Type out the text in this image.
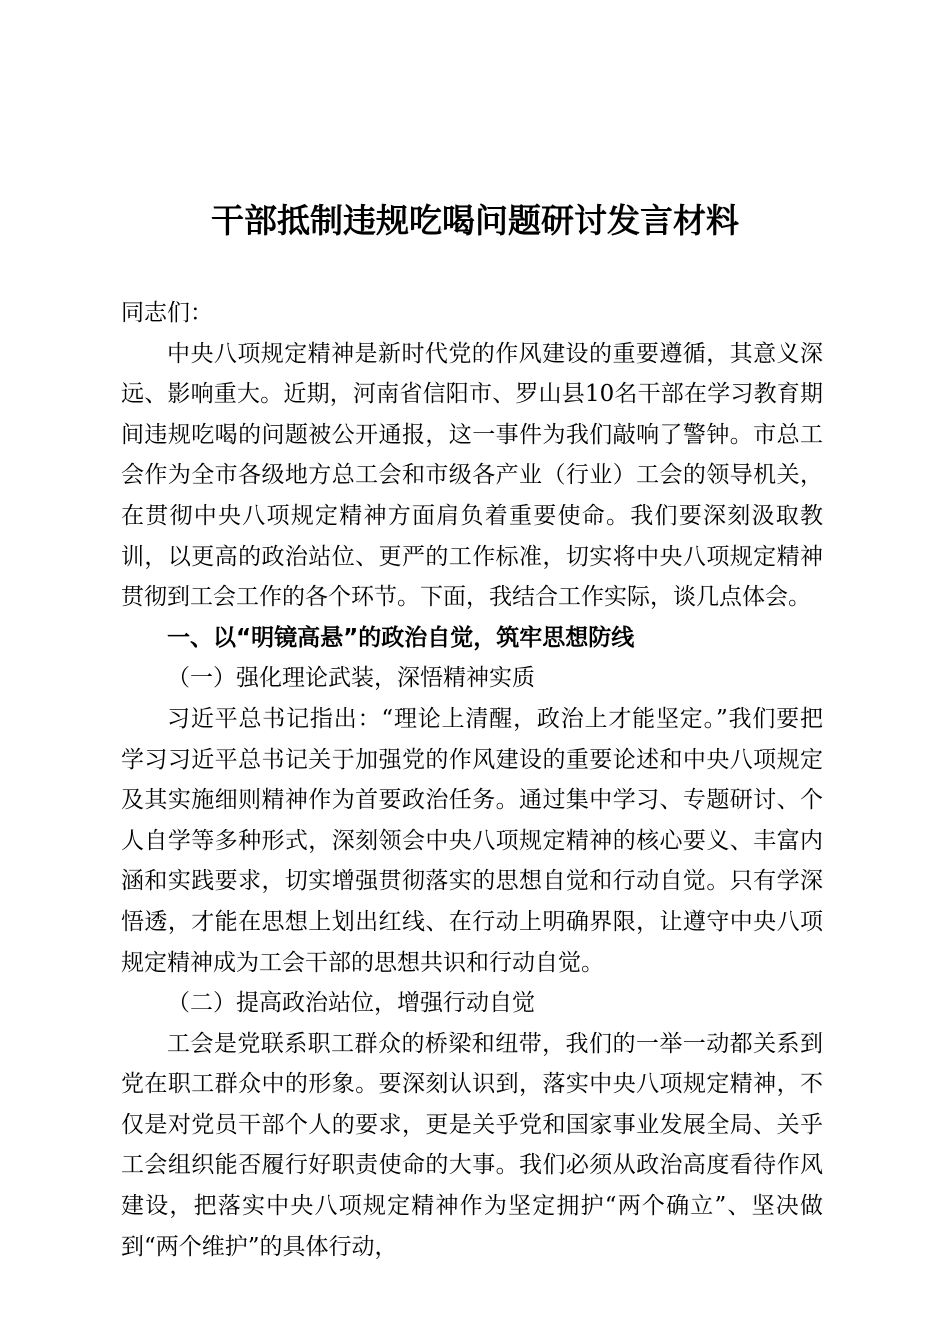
干部抵制违规吃喝问题研讨发言材料

同志们：

中央八项规定精神是新时代党的作风建设的重要遵循，其意义深远、影响重大。近期，河南省信阳市、罗山县10名干部在学习教育期间违规吃喝的问题被公开通报，这一事件为我们敲响了警钟。市总工会作为全市各级地方总工会和市级各产业（行业）工会的领导机关，在贯彻中央八项规定精神方面肩负着重要使命。我们要深刻汲取教训，以更高的政治站位、更严的工作标准，切实将中央八项规定精神贯彻到工会工作的各个环节。下面，我结合工作实际，谈几点体会。

一、以“明镜高悬”的政治自觉，筑牢思想防线

（一）强化理论武装，深悟精神实质

习近平总书记指出：“理论上清醒，政治上才能坚定。”我们要把学习习近平总书记关于加强党的作风建设的重要论述和中央八项规定及其实施细则精神作为首要政治任务。通过集中学习、专题研讨、个人自学等多种形式，深刻领会中央八项规定精神的核心要义、丰富内涵和实践要求，切实增强贯彻落实的思想自觉和行动自觉。只有学深悟透，才能在思想上划出红线、在行动上明确界限，让遵守中央八项规定精神成为工会干部的思想共识和行动自觉。

（二）提高政治站位，增强行动自觉

工会是党联系职工群众的桥梁和纽带，我们的一举一动都关系到党在职工群众中的形象。要深刻认识到，落实中央八项规定精神，不仅是对党员干部个人的要求，更是关乎党和国家事业发展全局、关乎工会组织能否履行好职责使命的大事。我们必须从政治高度看待作风建设，把落实中央八项规定精神作为坚定拥护“两个确立”、坚决做到“两个维护”的具体行动，
